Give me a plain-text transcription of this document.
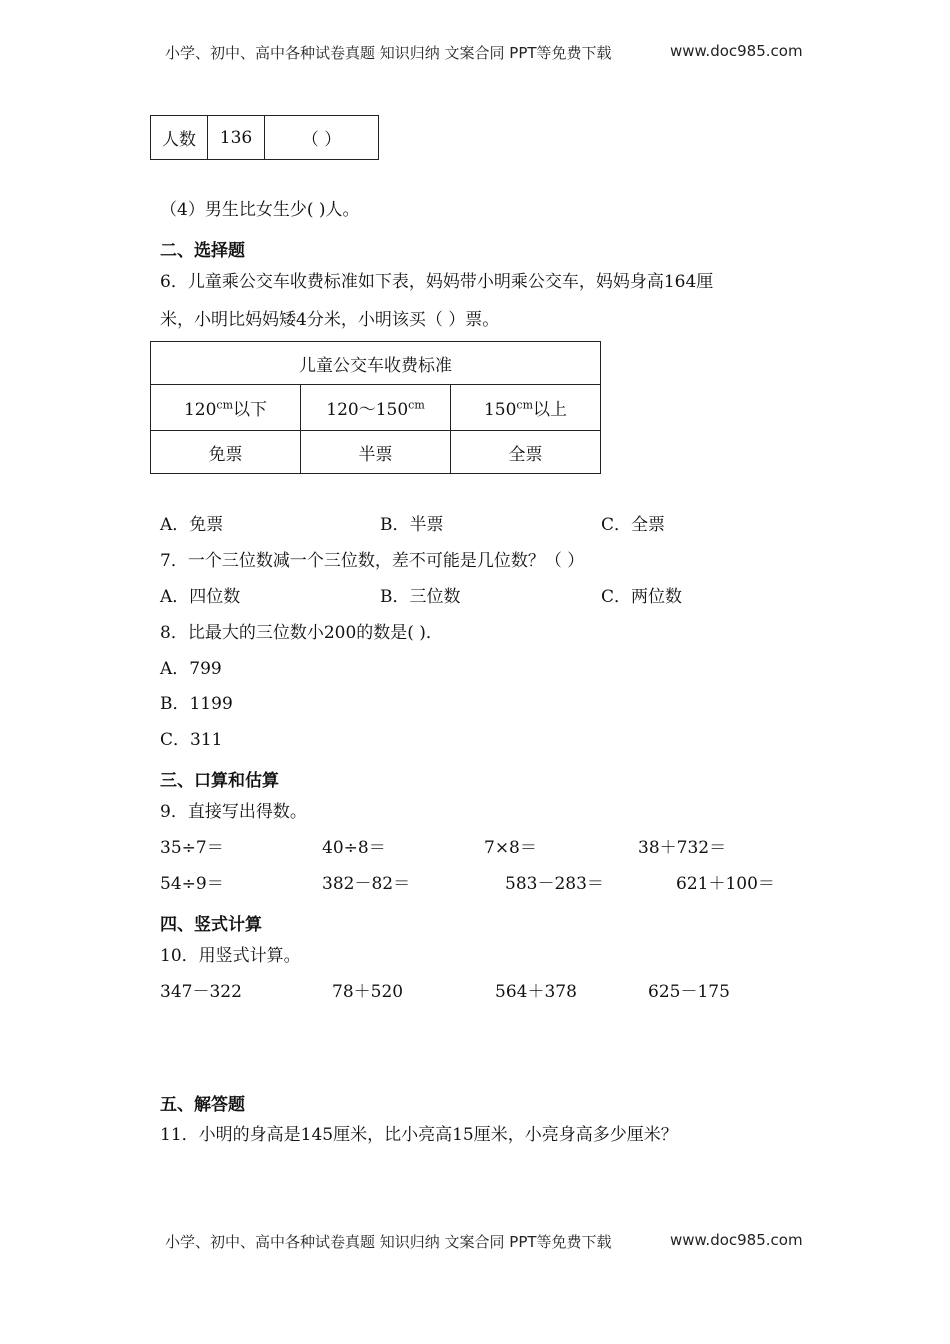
小学、初中、高中各种试卷真题 知识归纳 文案合同 PPT等免费下载	www.doc985.com
人数	136	（ ）
（4）男生比女生少( )人。
二、选择题
6．儿童乘公交车收费标准如下表，妈妈带小明乘公交车，妈妈身高164厘
米，小明比妈妈矮4分米，小明该买（ ）票。
儿童公交车收费标准		
$120^{cm}$以下	$120\sim 150^{cm}$	$150^{cm}$以上
免票	半票	全票
A．免票	B．半票	C．全票
7．一个三位数减一个三位数，差不可能是几位数？（ ）
A．四位数	B．三位数	C．两位数
8．比最大的三位数小200的数是( )．
A．799
B．1199
C．311
三、口算和估算
9．直接写出得数。
35÷7＝	40÷8＝	7×8＝	38＋732＝
54÷9＝	382－82＝	583－283＝	621＋100＝
四、竖式计算
10．用竖式计算。
347－322	78＋520	564＋378	625－175
五、解答题
11．小明的身高是145厘米，比小亮高15厘米，小亮身高多少厘米？
小学、初中、高中各种试卷真题 知识归纳 文案合同 PPT等免费下载	www.doc985.com
